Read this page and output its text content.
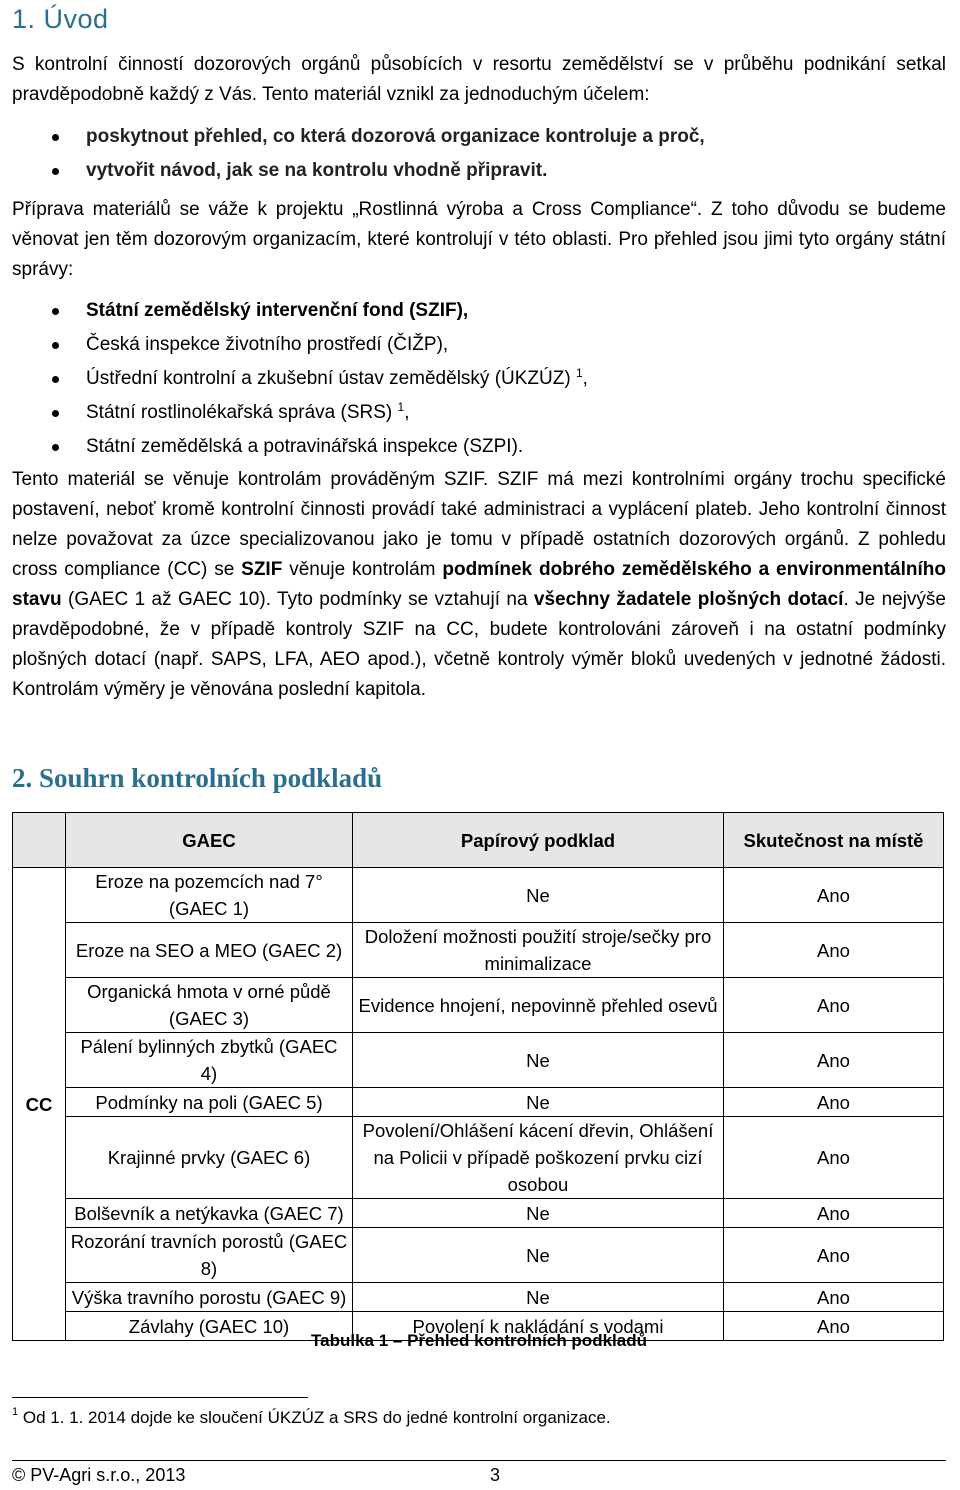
1. Úvod
S kontrolní činností dozorových orgánů působících v resortu zemědělství se v průběhu podnikání setkal pravděpodobně každý z Vás. Tento materiál vznikl za jednoduchým účelem:
poskytnout přehled, co která dozorová organizace kontroluje a proč,
vytvořit návod, jak se na kontrolu vhodně připravit.
Příprava materiálů se váže k projektu „Rostlinná výroba a Cross Compliance“. Z toho důvodu se budeme věnovat jen těm dozorovým organizacím, které kontrolují v této oblasti. Pro přehled jsou jimi tyto orgány státní správy:
Státní zemědělský intervenční fond (SZIF),
Česká inspekce životního prostředí (ČIŽP),
Ústřední kontrolní a zkušební ústav zemědělský (ÚKZÚZ) $^1$,
Státní rostlinolékařská správa (SRS) $^1$,
Státní zemědělská a potravinářská inspekce (SZPI).
Tento materiál se věnuje kontrolám prováděným SZIF. SZIF má mezi kontrolními orgány trochu specifické postavení, neboť kromě kontrolní činnosti provádí také administraci a vyplácení plateb. Jeho kontrolní činnost nelze považovat za úzce specializovanou jako je tomu v případě ostatních dozorových orgánů. Z pohledu cross compliance (CC) se SZIF věnuje kontrolám podmínek dobrého zemědělského a environmentálního stavu (GAEC 1 až GAEC 10). Tyto podmínky se vztahují na všechny žadatele plošných dotací. Je nejvýše pravděpodobné, že v případě kontroly SZIF na CC, budete kontrolováni zároveň i na ostatní podmínky plošných dotací (např. SAPS, LFA, AEO apod.), včetně kontroly výměr bloků uvedených v jednotné žádosti. Kontrolám výměry je věnována poslední kapitola.
2. Souhrn kontrolních podkladů
	GAEC	Papírový podklad	Skutečnost na místě
CC	Eroze na pozemcích nad 7° (GAEC 1)	Ne	Ano
	Eroze na SEO a MEO (GAEC 2)	Doložení možnosti použití stroje/sečky pro minimalizace	Ano
	Organická hmota v orné půdě (GAEC 3)	Evidence hnojení, nepovinně přehled osevů	Ano
	Pálení bylinných zbytků (GAEC 4)	Ne	Ano
	Podmínky na poli (GAEC 5)	Ne	Ano
	Krajinné prvky (GAEC 6)	Povolení/Ohlášení kácení dřevin, Ohlášení na Policii v případě poškození prvku cizí osobou	Ano
	Bolševník a netýkavka (GAEC 7)	Ne	Ano
	Rozorání travních porostů (GAEC 8)	Ne	Ano
	Výška travního porostu (GAEC 9)	Ne	Ano
	Závlahy (GAEC 10)	Povolení k nakládání s vodami	Ano
Tabulka 1 – Přehled kontrolních podkladů
$^1$ Od 1. 1. 2014 dojde ke sloučení ÚKZÚZ a SRS do jedné kontrolní organizace.
© PV-Agri s.r.o., 2013	3
